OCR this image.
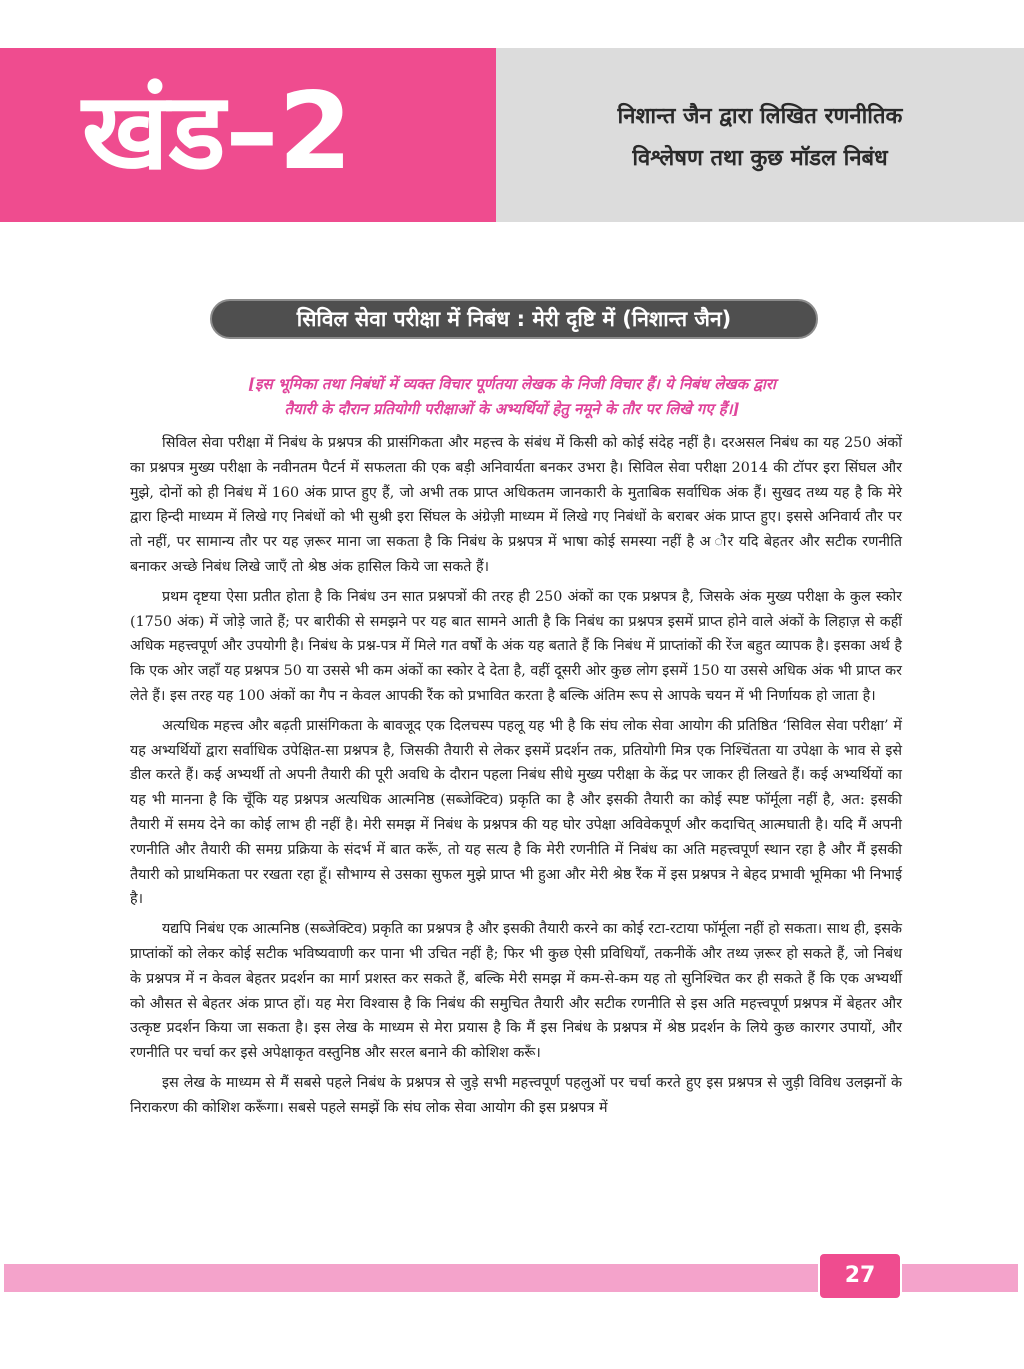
खंड–2	निशान्त जैन द्वारा लिखित रणनीतिक
विश्लेषण तथा कुछ मॉडल निबंध
सिविल सेवा परीक्षा में निबंध : मेरी दृष्टि में (निशान्त जैन)
[इस भूमिका तथा निबंधों में व्यक्त विचार पूर्णतया लेखक के निजी विचार हैं। ये निबंध लेखक द्वारा
तैयारी के दौरान प्रतियोगी परीक्षाओं के अभ्यर्थियों हेतु नमूने के तौर पर लिखे गए हैं।]

सिविल सेवा परीक्षा में निबंध के प्रश्नपत्र की प्रासंगिकता और महत्त्व के संबंध में किसी को कोई संदेह नहीं है। दरअसल निबंध का यह 250 अंकों का प्रश्नपत्र मुख्य परीक्षा के नवीनतम पैटर्न में सफलता की एक बड़ी अनिवार्यता बनकर उभरा है। सिविल सेवा परीक्षा 2014 की टॉपर इरा सिंघल और मुझे, दोनों को ही निबंध में 160 अंक प्राप्त हुए हैं, जो अभी तक प्राप्त अधिकतम जानकारी के मुताबिक सर्वाधिक अंक हैं। सुखद तथ्य यह है कि मेरे द्वारा हिन्दी माध्यम में लिखे गए निबंधों को भी सुश्री इरा सिंघल के अंग्रेज़ी माध्यम में लिखे गए निबंधों के बराबर अंक प्राप्त हुए। इससे अनिवार्य तौर पर तो नहीं, पर सामान्य तौर पर यह ज़रूर माना जा सकता है कि निबंध के प्रश्नपत्र में भाषा कोई समस्या नहीं है अ ौर यदि बेहतर और सटीक रणनीति बनाकर अच्छे निबंध लिखे जाएँ तो श्रेष्ठ अंक हासिल किये जा सकते हैं।

प्रथम दृष्टया ऐसा प्रतीत होता है कि निबंध उन सात प्रश्नपत्रों की तरह ही 250 अंकों का एक प्रश्नपत्र है, जिसके अंक मुख्य परीक्षा के कुल स्कोर (1750 अंक) में जोड़े जाते हैं; पर बारीकी से समझने पर यह बात सामने आती है कि निबंध का प्रश्नपत्र इसमें प्राप्त होने वाले अंकों के लिहाज़ से कहीं अधिक महत्त्वपूर्ण और उपयोगी है। निबंध के प्रश्न-पत्र में मिले गत वर्षों के अंक यह बताते हैं कि निबंध में प्राप्तांकों की रेंज बहुत व्यापक है। इसका अर्थ है कि एक ओर जहाँ यह प्रश्नपत्र 50 या उससे भी कम अंकों का स्कोर दे देता है, वहीं दूसरी ओर कुछ लोग इसमें 150 या उससे अधिक अंक भी प्राप्त कर लेते हैं। इस तरह यह 100 अंकों का गैप न केवल आपकी रैंक को प्रभावित करता है बल्कि अंतिम रूप से आपके चयन में भी निर्णायक हो जाता है।

अत्यधिक महत्त्व और बढ़ती प्रासंगिकता के बावजूद एक दिलचस्प पहलू यह भी है कि संघ लोक सेवा आयोग की प्रतिष्ठित ‘सिविल सेवा परीक्षा’ में यह अभ्यर्थियों द्वारा सर्वाधिक उपेक्षित-सा प्रश्नपत्र है, जिसकी तैयारी से लेकर इसमें प्रदर्शन तक, प्रतियोगी मित्र एक निश्चिंतता या उपेक्षा के भाव से इसे डील करते हैं। कई अभ्यर्थी तो अपनी तैयारी की पूरी अवधि के दौरान पहला निबंध सीधे मुख्य परीक्षा के केंद्र पर जाकर ही लिखते हैं। कई अभ्यर्थियों का यह भी मानना है कि चूँकि यह प्रश्नपत्र अत्यधिक आत्मनिष्ठ (सब्जेक्टिव) प्रकृति का है और इसकी तैयारी का कोई स्पष्ट फॉर्मूला नहीं है, अत: इसकी तैयारी में समय देने का कोई लाभ ही नहीं है। मेरी समझ में निबंध के प्रश्नपत्र की यह घोर उपेक्षा अविवेकपूर्ण और कदाचित् आत्मघाती है। यदि मैं अपनी रणनीति और तैयारी की समग्र प्रक्रिया के संदर्भ में बात करूँ, तो यह सत्य है कि मेरी रणनीति में निबंध का अति महत्त्वपूर्ण स्थान रहा है और मैं इसकी तैयारी को प्राथमिकता पर रखता रहा हूँ। सौभाग्य से उसका सुफल मुझे प्राप्त भी हुआ और मेरी श्रेष्ठ रैंक में इस प्रश्नपत्र ने बेहद प्रभावी भूमिका भी निभाई है।

यद्यपि निबंध एक आत्मनिष्ठ (सब्जेक्टिव) प्रकृति का प्रश्नपत्र है और इसकी तैयारी करने का कोई रटा-रटाया फॉर्मूला नहीं हो सकता। साथ ही, इसके प्राप्तांकों को लेकर कोई सटीक भविष्यवाणी कर पाना भी उचित नहीं है; फिर भी कुछ ऐसी प्रविधियाँ, तकनीकें और तथ्य ज़रूर हो सकते हैं, जो निबंध के प्रश्नपत्र में न केवल बेहतर प्रदर्शन का मार्ग प्रशस्त कर सकते हैं, बल्कि मेरी समझ में कम-से-कम यह तो सुनिश्चित कर ही सकते हैं कि एक अभ्यर्थी को औसत से बेहतर अंक प्राप्त हों। यह मेरा विश्वास है कि निबंध की समुचित तैयारी और सटीक रणनीति से इस अति महत्त्वपूर्ण प्रश्नपत्र में बेहतर और उत्कृष्ट प्रदर्शन किया जा सकता है। इस लेख के माध्यम से मेरा प्रयास है कि मैं इस निबंध के प्रश्नपत्र में श्रेष्ठ प्रदर्शन के लिये कुछ कारगर उपायों, और रणनीति पर चर्चा कर इसे अपेक्षाकृत वस्तुनिष्ठ और सरल बनाने की कोशिश करूँ।

इस लेख के माध्यम से मैं सबसे पहले निबंध के प्रश्नपत्र से जुड़े सभी महत्त्वपूर्ण पहलुओं पर चर्चा करते हुए इस प्रश्नपत्र से जुड़ी विविध उलझनों के निराकरण की कोशिश करूँगा। सबसे पहले समझें कि संघ लोक सेवा आयोग की इस प्रश्नपत्र में

27
